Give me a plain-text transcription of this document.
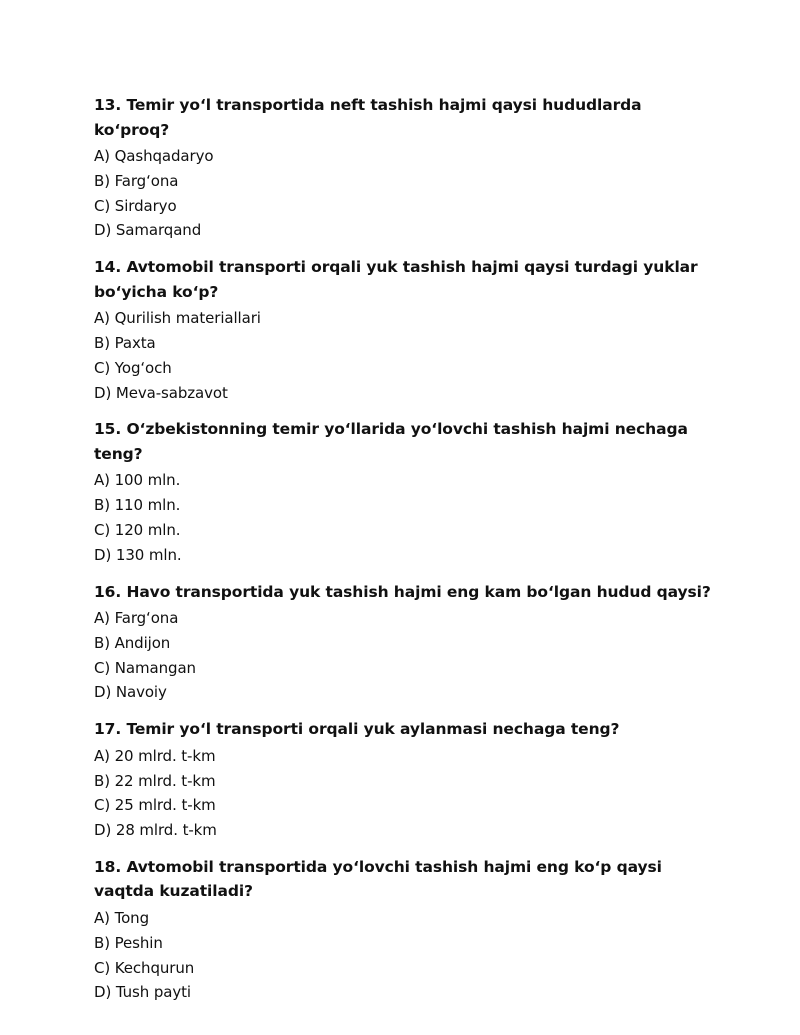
13. Temir yo‘l transportida neft tashish hajmi qaysi hududlarda ko‘proq?
A) Qashqadaryo
B) Farg‘ona
C) Sirdaryo
D) Samarqand
14. Avtomobil transporti orqali yuk tashish hajmi qaysi turdagi yuklar bo‘yicha ko‘p?
A) Qurilish materiallari
B) Paxta
C) Yog‘och
D) Meva-sabzavot
15. O‘zbekistonning temir yo‘llarida yo‘lovchi tashish hajmi nechaga teng?
A) 100 mln.
B) 110 mln.
C) 120 mln.
D) 130 mln.
16. Havo transportida yuk tashish hajmi eng kam bo‘lgan hudud qaysi?
A) Farg‘ona
B) Andijon
C) Namangan
D) Navoiy
17. Temir yo‘l transporti orqali yuk aylanmasi nechaga teng?
A) 20 mlrd. t-km
B) 22 mlrd. t-km
C) 25 mlrd. t-km
D) 28 mlrd. t-km
18. Avtomobil transportida yo‘lovchi tashish hajmi eng ko‘p qaysi vaqtda kuzatiladi?
A) Tong
B) Peshin
C) Kechqurun
D) Tush payti
